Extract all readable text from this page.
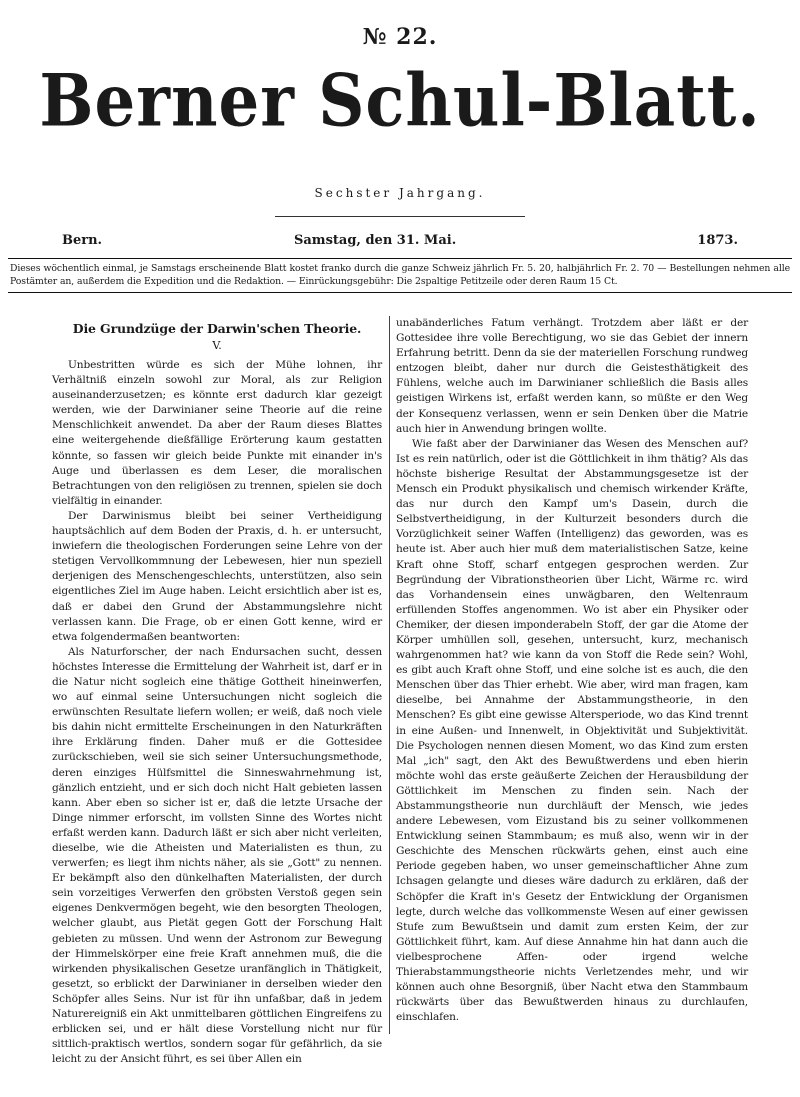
№ 22.
Berner Schul-Blatt.
Sechster Jahrgang.
Bern.	Samstag, den 31. Mai.	1873.
Dieses wöchentlich einmal, je Samstags erscheinende Blatt kostet franko durch die ganze Schweiz jährlich Fr. 5. 20, halbjährlich Fr. 2. 70 — Bestellungen nehmen alle Postämter an, außerdem die Expedition und die Redaktion. — Einrückungsgebühr: Die 2spaltige Petitzeile oder deren Raum 15 Ct.
Die Grundzüge der Darwin'schen Theorie.
V.

Unbestritten würde es sich der Mühe lohnen, ihr Verhältniß einzeln sowohl zur Moral, als zur Religion auseinanderzusetzen; es könnte erst dadurch klar gezeigt werden, wie der Darwinianer seine Theorie auf die reine Menschlichkeit anwendet. Da aber der Raum dieses Blattes eine weitergehende dießfällige Erörterung kaum gestatten könnte, so fassen wir gleich beide Punkte mit einander in's Auge und überlassen es dem Leser, die moralischen Betrachtungen von den religiösen zu trennen, spielen sie doch vielfältig in einander.

Der Darwinismus bleibt bei seiner Vertheidigung hauptsächlich auf dem Boden der Praxis, d. h. er untersucht, inwiefern die theologischen Forderungen seine Lehre von der stetigen Vervollkommnung der Lebewesen, hier nun speziell derjenigen des Menschengeschlechts, unterstützen, also sein eigentliches Ziel im Auge haben. Leicht ersichtlich aber ist es, daß er dabei den Grund der Abstammungslehre nicht verlassen kann. Die Frage, ob er einen Gott kenne, wird er etwa folgendermaßen beantworten:

Als Naturforscher, der nach Endursachen sucht, dessen höchstes Interesse die Ermittelung der Wahrheit ist, darf er in die Natur nicht sogleich eine thätige Gottheit hineinwerfen, wo auf einmal seine Untersuchungen nicht sogleich die erwünschten Resultate liefern wollen; er weiß, daß noch viele bis dahin nicht ermittelte Erscheinungen in den Naturkräften ihre Erklärung finden. Daher muß er die Gottesidee zurückschieben, weil sie sich seiner Untersuchungsmethode, deren einziges Hülfsmittel die Sinneswahrnehmung ist, gänzlich entzieht, und er sich doch nicht Halt gebieten lassen kann. Aber eben so sicher ist er, daß die letzte Ursache der Dinge nimmer erforscht, im vollsten Sinne des Wortes nicht erfaßt werden kann. Dadurch läßt er sich aber nicht verleiten, dieselbe, wie die Atheisten und Materialisten es thun, zu verwerfen; es liegt ihm nichts näher, als sie „Gott" zu nennen. Er bekämpft also den dünkelhaften Materialisten, der durch sein vorzeitiges Verwerfen den gröbsten Verstoß gegen sein eigenes Denkvermögen begeht, wie den besorgten Theologen, welcher glaubt, aus Pietät gegen Gott der Forschung Halt gebieten zu müssen. Und wenn der Astronom zur Bewegung der Himmelskörper eine freie Kraft annehmen muß, die die wirkenden physikalischen Gesetze uranfänglich in Thätigkeit, gesetzt, so erblickt der Darwinianer in derselben wieder den Schöpfer alles Seins. Nur ist für ihn unfaßbar, daß in jedem Naturereigniß ein Akt unmittelbaren göttlichen Eingreifens zu erblicken sei, und er hält diese Vorstellung nicht nur für sittlich-praktisch wertlos, sondern sogar für gefährlich, da sie leicht zu der Ansicht führt, es sei über Allen ein

unabänderliches Fatum verhängt. Trotzdem aber läßt er der Gottesidee ihre volle Berechtigung, wo sie das Gebiet der innern Erfahrung betritt. Denn da sie der materiellen Forschung rundweg entzogen bleibt, daher nur durch die Geistesthätigkeit des Fühlens, welche auch im Darwinianer schließlich die Basis alles geistigen Wirkens ist, erfaßt werden kann, so müßte er den Weg der Konsequenz verlassen, wenn er sein Denken über die Matrie auch hier in Anwendung bringen wollte.

Wie faßt aber der Darwinianer das Wesen des Menschen auf? Ist es rein natürlich, oder ist die Göttlichkeit in ihm thätig? Als das höchste bisherige Resultat der Abstammungsgesetze ist der Mensch ein Produkt physikalisch und chemisch wirkender Kräfte, das nur durch den Kampf um's Dasein, durch die Selbstvertheidigung, in der Kulturzeit besonders durch die Vorzüglichkeit seiner Waffen (Intelligenz) das geworden, was es heute ist. Aber auch hier muß dem materialistischen Satze, keine Kraft ohne Stoff, scharf entgegen gesprochen werden. Zur Begründung der Vibrationstheorien über Licht, Wärme rc. wird das Vorhandensein eines unwägbaren, den Weltenraum erfüllenden Stoffes angenommen. Wo ist aber ein Physiker oder Chemiker, der diesen imponderabeln Stoff, der gar die Atome der Körper umhüllen soll, gesehen, untersucht, kurz, mechanisch wahrgenommen hat? wie kann da von Stoff die Rede sein? Wohl, es gibt auch Kraft ohne Stoff, und eine solche ist es auch, die den Menschen über das Thier erhebt. Wie aber, wird man fragen, kam dieselbe, bei Annahme der Abstammungstheorie, in den Menschen? Es gibt eine gewisse Altersperiode, wo das Kind trennt in eine Außen- und Innenwelt, in Objektivität und Subjektivität. Die Psychologen nennen diesen Moment, wo das Kind zum ersten Mal „ich" sagt, den Akt des Bewußtwerdens und eben hierin möchte wohl das erste geäußerte Zeichen der Herausbildung der Göttlichkeit im Menschen zu finden sein. Nach der Abstammungstheorie nun durchläuft der Mensch, wie jedes andere Lebewesen, vom Eizustand bis zu seiner vollkommenen Entwicklung seinen Stammbaum; es muß also, wenn wir in der Geschichte des Menschen rückwärts gehen, einst auch eine Periode gegeben haben, wo unser gemeinschaftlicher Ahne zum Ichsagen gelangte und dieses wäre dadurch zu erklären, daß der Schöpfer die Kraft in's Gesetz der Entwicklung der Organismen legte, durch welche das vollkommenste Wesen auf einer gewissen Stufe zum Bewußtsein und damit zum ersten Keim, der zur Göttlichkeit führt, kam. Auf diese Annahme hin hat dann auch die vielbesprochene Affen- oder irgend welche Thierabstammungstheorie nichts Verletzendes mehr, und wir können auch ohne Besorgniß, über Nacht etwa den Stammbaum rückwärts über das Bewußtwerden hinaus zu durchlaufen, einschlafen.
